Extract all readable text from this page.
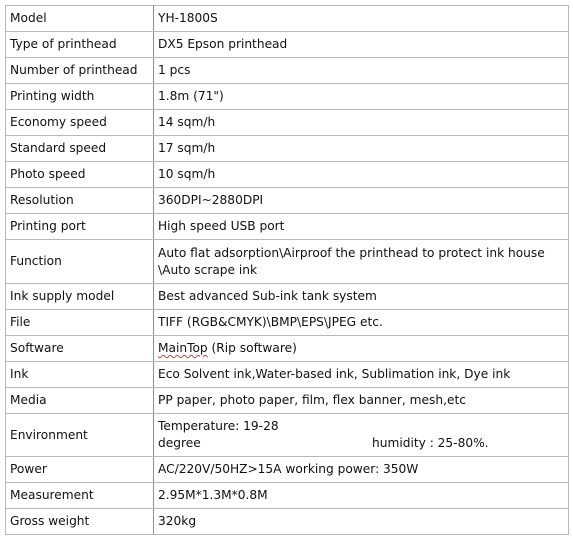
Model	YH-1800S
Type of printhead	DX5 Epson printhead
Number of printhead	1 pcs
Printing width	1.8m (71")
Economy speed	14 sqm/h
Standard speed	17 sqm/h
Photo speed	10 sqm/h
Resolution	360DPI~2880DPI
Printing port	High speed USB port
Function	Auto flat adsorption\Airproof the printhead to protect ink house \Auto scrape ink
Ink supply model	Best advanced Sub-ink tank system
File	TIFF (RGB&CMYK)\BMP\EPS\JPEG etc.
Software	MainTop (Rip software)
Ink	Eco Solvent ink,Water-based ink, Sublimation ink, Dye ink
Media	PP paper, photo paper, film, flex banner, mesh,etc
Environment	Temperature: 19-28
degree humidity : 25-80%.

Power	AC/220V/50HZ>15A working power: 350W
Measurement	2.95M*1.3M*0.8M
Gross weight	320kg
